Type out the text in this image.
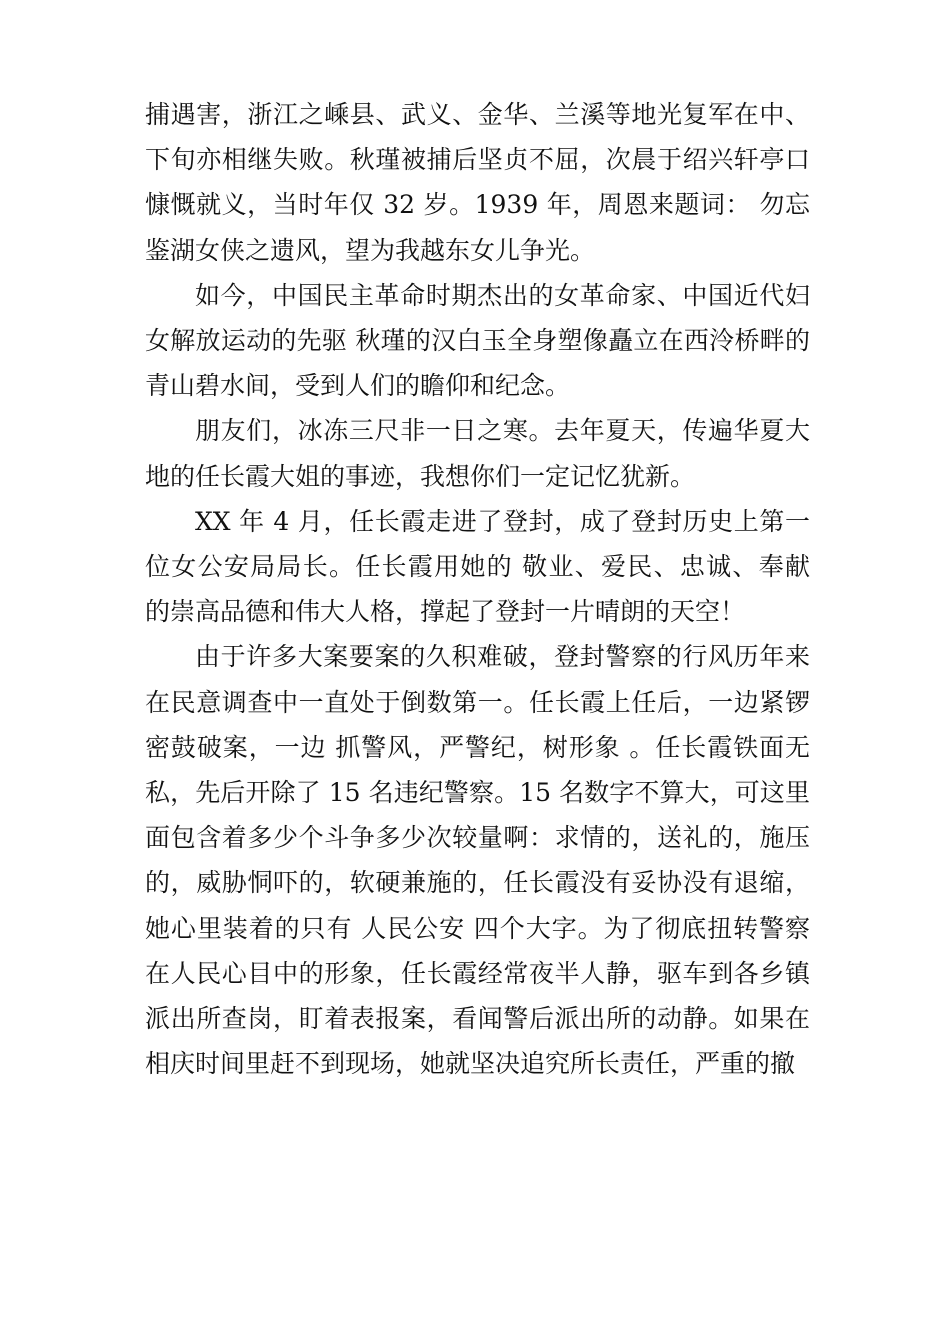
捕遇害，浙江之嵊县、武义、金华、兰溪等地光复军在中、下旬亦相继失败。秋瑾被捕后坚贞不屈，次晨于绍兴轩亭口慷慨就义，当时年仅 32 岁。1939 年，周恩来题词： 勿忘鉴湖女侠之遗风，望为我越东女儿争光。

如今，中国民主革命时期杰出的女革命家、中国近代妇女解放运动的先驱 秋瑾的汉白玉全身塑像矗立在西泠桥畔的青山碧水间，受到人们的瞻仰和纪念。

朋友们，冰冻三尺非一日之寒。去年夏天，传遍华夏大地的任长霞大姐的事迹，我想你们一定记忆犹新。

XX 年 4 月，任长霞走进了登封，成了登封历史上第一位女公安局局长。任长霞用她的 敬业、爱民、忠诚、奉献 的崇高品德和伟大人格，撑起了登封一片晴朗的天空！

由于许多大案要案的久积难破，登封警察的行风历年来在民意调查中一直处于倒数第一。任长霞上任后，一边紧锣密鼓破案，一边 抓警风，严警纪，树形象 。任长霞铁面无私，先后开除了 15 名违纪警察。15 名数字不算大，可这里面包含着多少个斗争多少次较量啊：求情的，送礼的，施压的，威胁恫吓的，软硬兼施的，任长霞没有妥协没有退缩，她心里装着的只有 人民公安 四个大字。为了彻底扭转警察在人民心目中的形象，任长霞经常夜半人静，驱车到各乡镇派出所查岗，盯着表报案，看闻警后派出所的动静。如果在相庆时间里赶不到现场，她就坚决追究所长责任，严重的撤
